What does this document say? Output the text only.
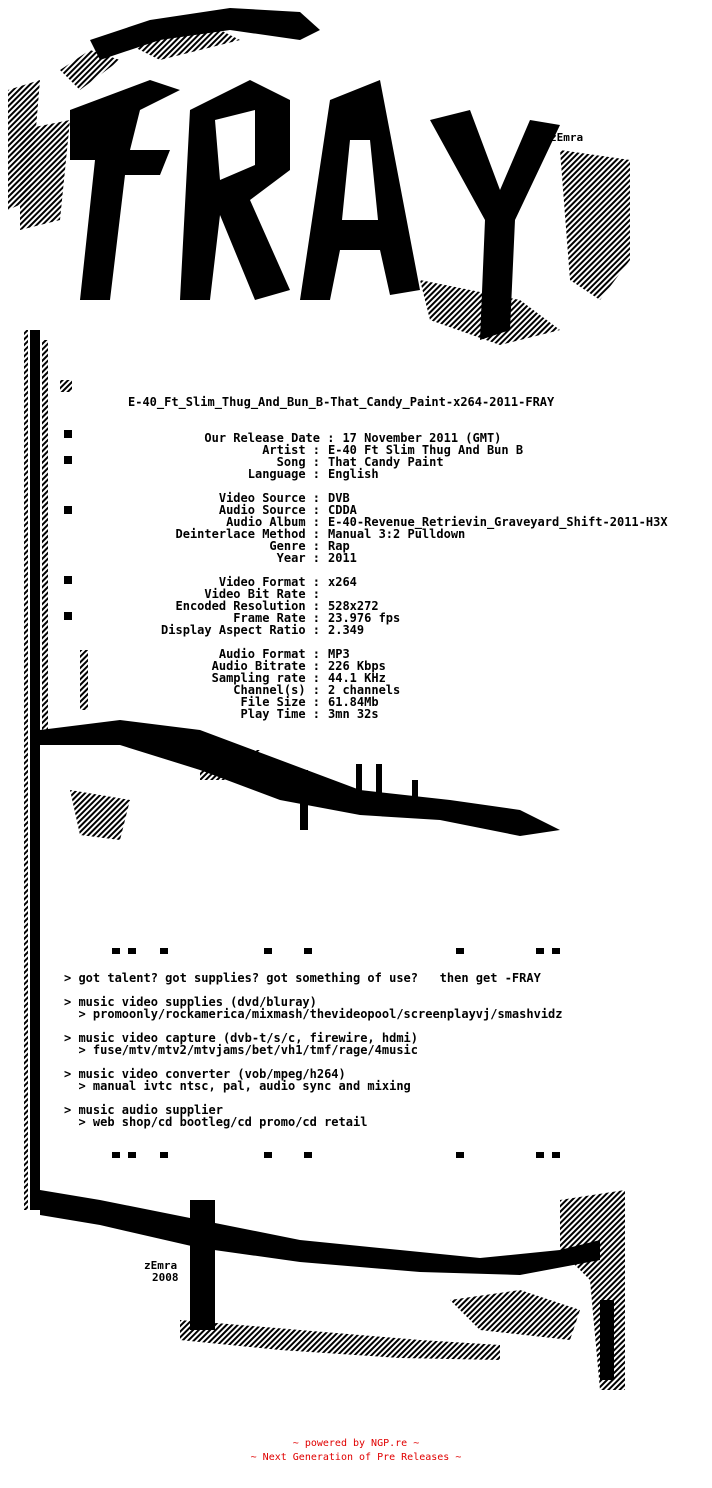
zEmra
E-40_Ft_Slim_Thug_And_Bun_B-That_Candy_Paint-x264-2011-FRAY

Our Release Date : 17 November 2011 (GMT)

Artist : E-40 Ft Slim Thug And Bun B
Song : That Candy Paint
Language : English
Video Source : DVB
Audio Source : CDDA
Audio Album : E-40-Revenue_Retrievin_Graveyard_Shift-2011-H3X
Deinterlace Method : Manual 3:2 Pulldown
Genre : Rap
Year : 2011
Video Format : x264
Video Bit Rate :
Encoded Resolution : 528x272
Frame Rate : 23.976 fps
Display Aspect Ratio : 2.349
Audio Format : MP3
Audio Bitrate : 226 Kbps
Sampling rate : 44.1 KHz
Channel(s) : 2 channels
File Size : 61.84Mb
Play Time : 3mn 32s
> got talent? got supplies? got something of use?   then get -FRAY
> music video supplies (dvd/bluray)
> promoonly/rockamerica/mixmash/thevideopool/screenplayvj/smashvidz
> music video capture (dvb-t/s/c, firewire, hdmi)
> fuse/mtv/mtv2/mtvjams/bet/vh1/tmf/rage/4music
> music video converter (vob/mpeg/h264)
> manual ivtc ntsc, pal, audio sync and mixing
> music audio supplier
> web shop/cd bootleg/cd promo/cd retail
zEmra
2008
~ powered by NGP.re ~
~ Next Generation of Pre Releases ~
